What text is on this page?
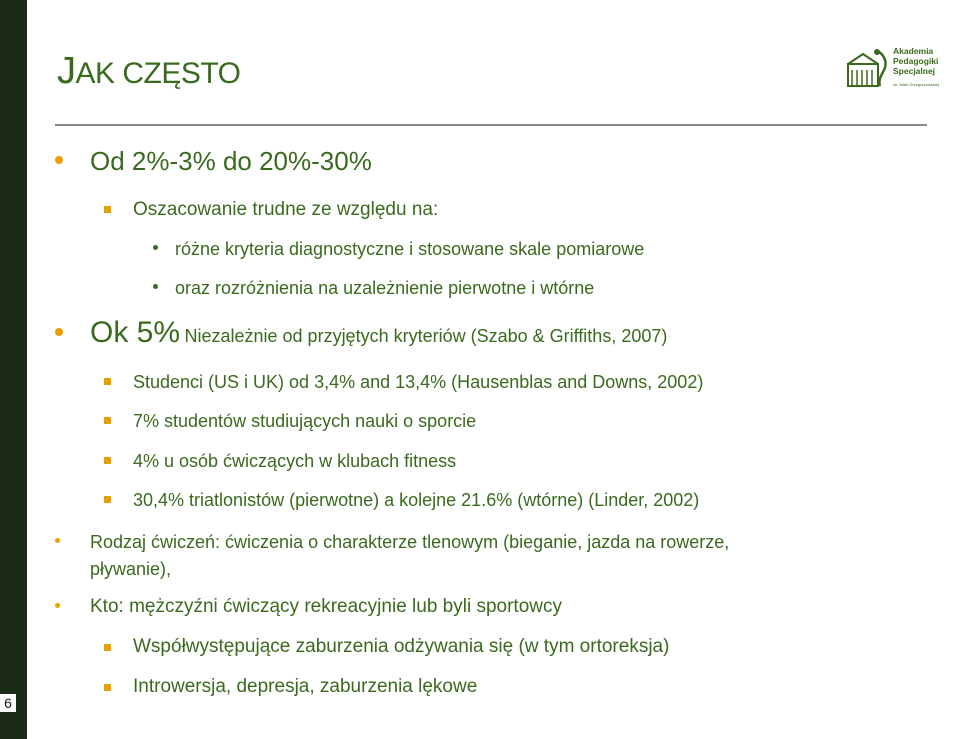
6
JAK CZĘSTO
Akademia
Pedagogiki
Specjalnej
im. Marii Grzegorzewskiej
Od 2%-3% do 20%-30%
Oszacowanie trudne ze względu na:
różne kryteria diagnostyczne i stosowane skale pomiarowe
oraz rozróżnienia na uzależnienie pierwotne i wtórne
Ok 5% Niezależnie od przyjętych kryteriów (Szabo & Griffiths, 2007)
Studenci (US i UK) od 3,4% and 13,4% (Hausenblas and Downs, 2002)
7% studentów studiujących nauki o sporcie
4% u osób ćwiczących w klubach fitness
30,4% triatlonistów (pierwotne) a kolejne 21.6% (wtórne) (Linder, 2002)
Rodzaj ćwiczeń: ćwiczenia o charakterze tlenowym (bieganie, jazda na rowerze,
pływanie),
Kto: mężczyźni ćwiczący rekreacyjnie lub byli sportowcy
Współwystępujące zaburzenia odżywania się (w tym ortoreksja)
Introwersja, depresja, zaburzenia lękowe
